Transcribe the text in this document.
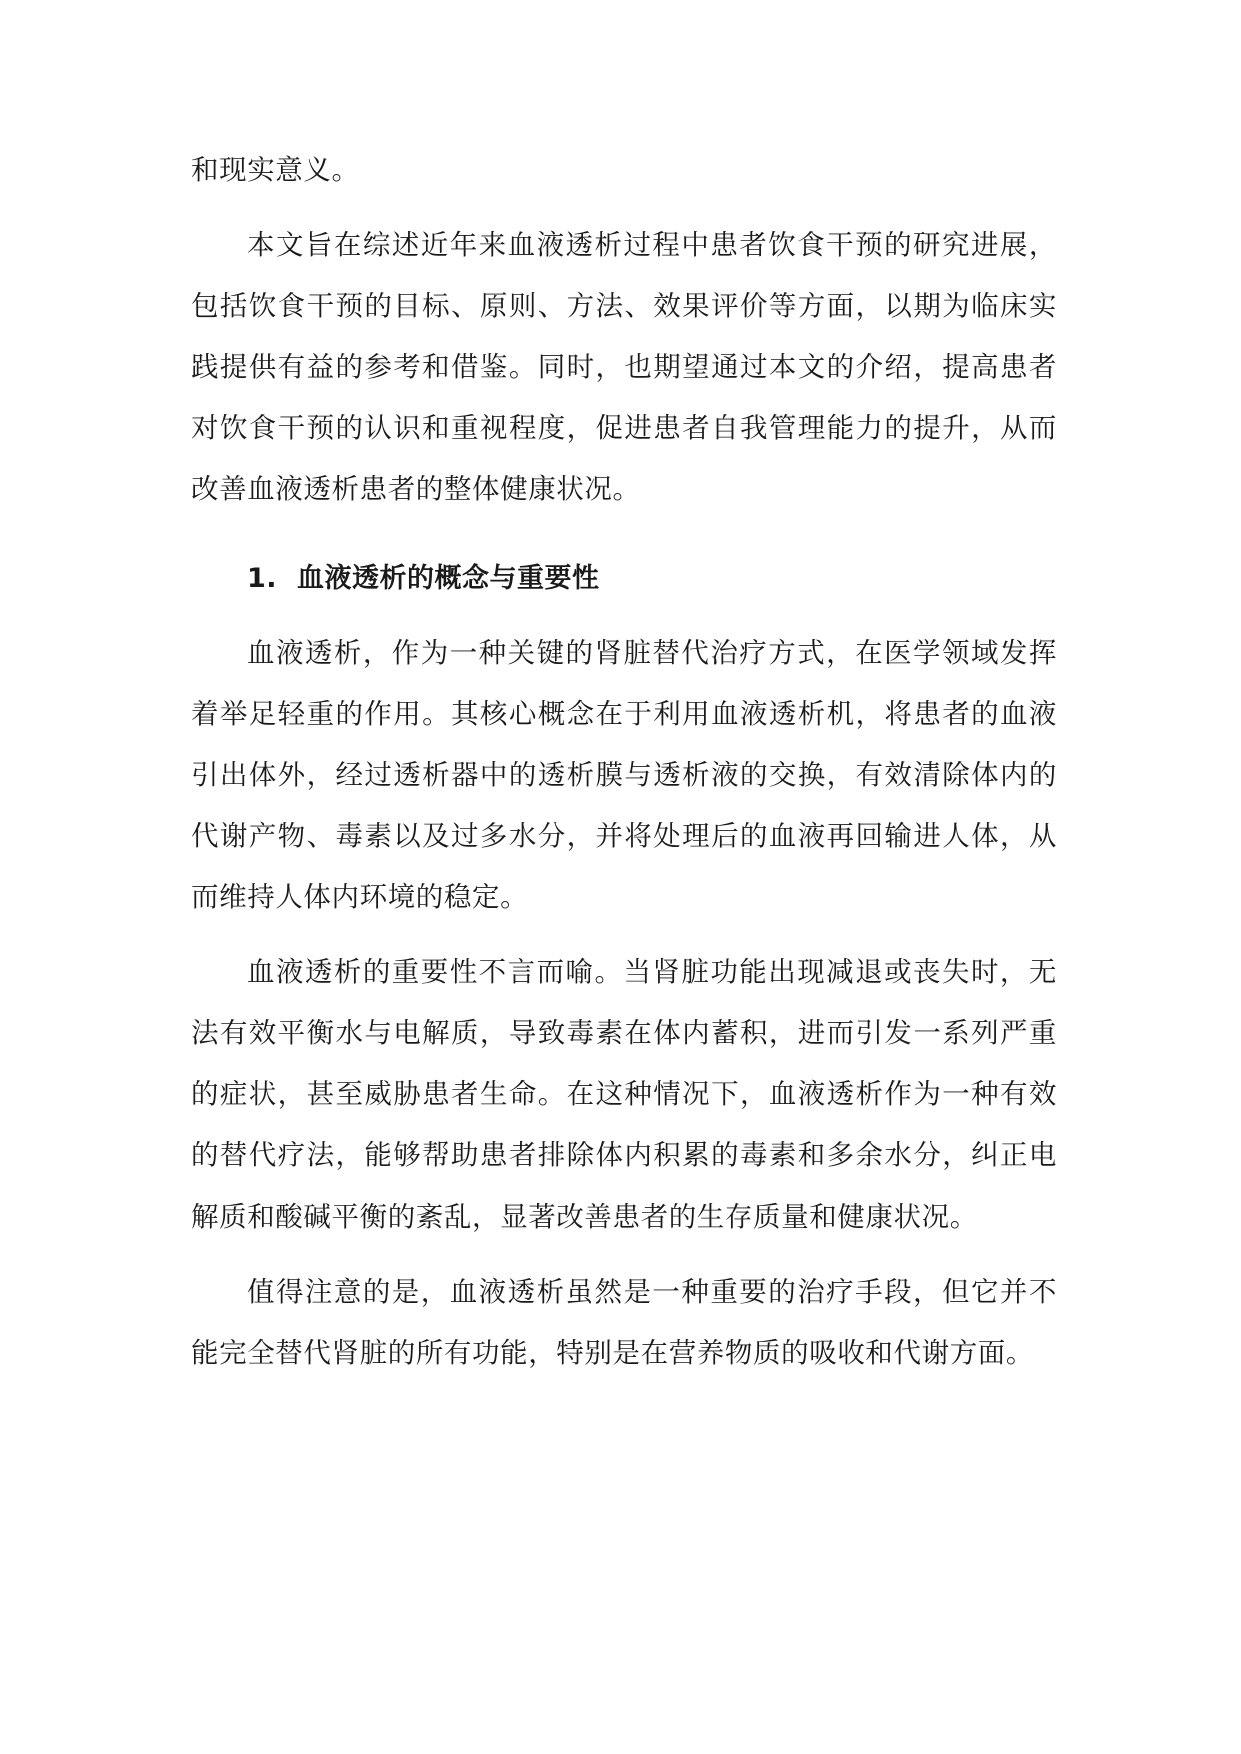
和现实意义。

本文旨在综述近年来血液透析过程中患者饮食干预的研究进展，包括饮食干预的目标、原则、方法、效果评价等方面，以期为临床实践提供有益的参考和借鉴。同时，也期望通过本文的介绍，提高患者对饮食干预的认识和重视程度，促进患者自我管理能力的提升，从而改善血液透析患者的整体健康状况。

1. 血液透析的概念与重要性

血液透析，作为一种关键的肾脏替代治疗方式，在医学领域发挥着举足轻重的作用。其核心概念在于利用血液透析机，将患者的血液引出体外，经过透析器中的透析膜与透析液的交换，有效清除体内的代谢产物、毒素以及过多水分，并将处理后的血液再回输进人体，从而维持人体内环境的稳定。

血液透析的重要性不言而喻。当肾脏功能出现减退或丧失时，无法有效平衡水与电解质，导致毒素在体内蓄积，进而引发一系列严重的症状，甚至威胁患者生命。在这种情况下，血液透析作为一种有效的替代疗法，能够帮助患者排除体内积累的毒素和多余水分，纠正电解质和酸碱平衡的紊乱，显著改善患者的生存质量和健康状况。

值得注意的是，血液透析虽然是一种重要的治疗手段，但它并不能完全替代肾脏的所有功能，特别是在营养物质的吸收和代谢方面。
